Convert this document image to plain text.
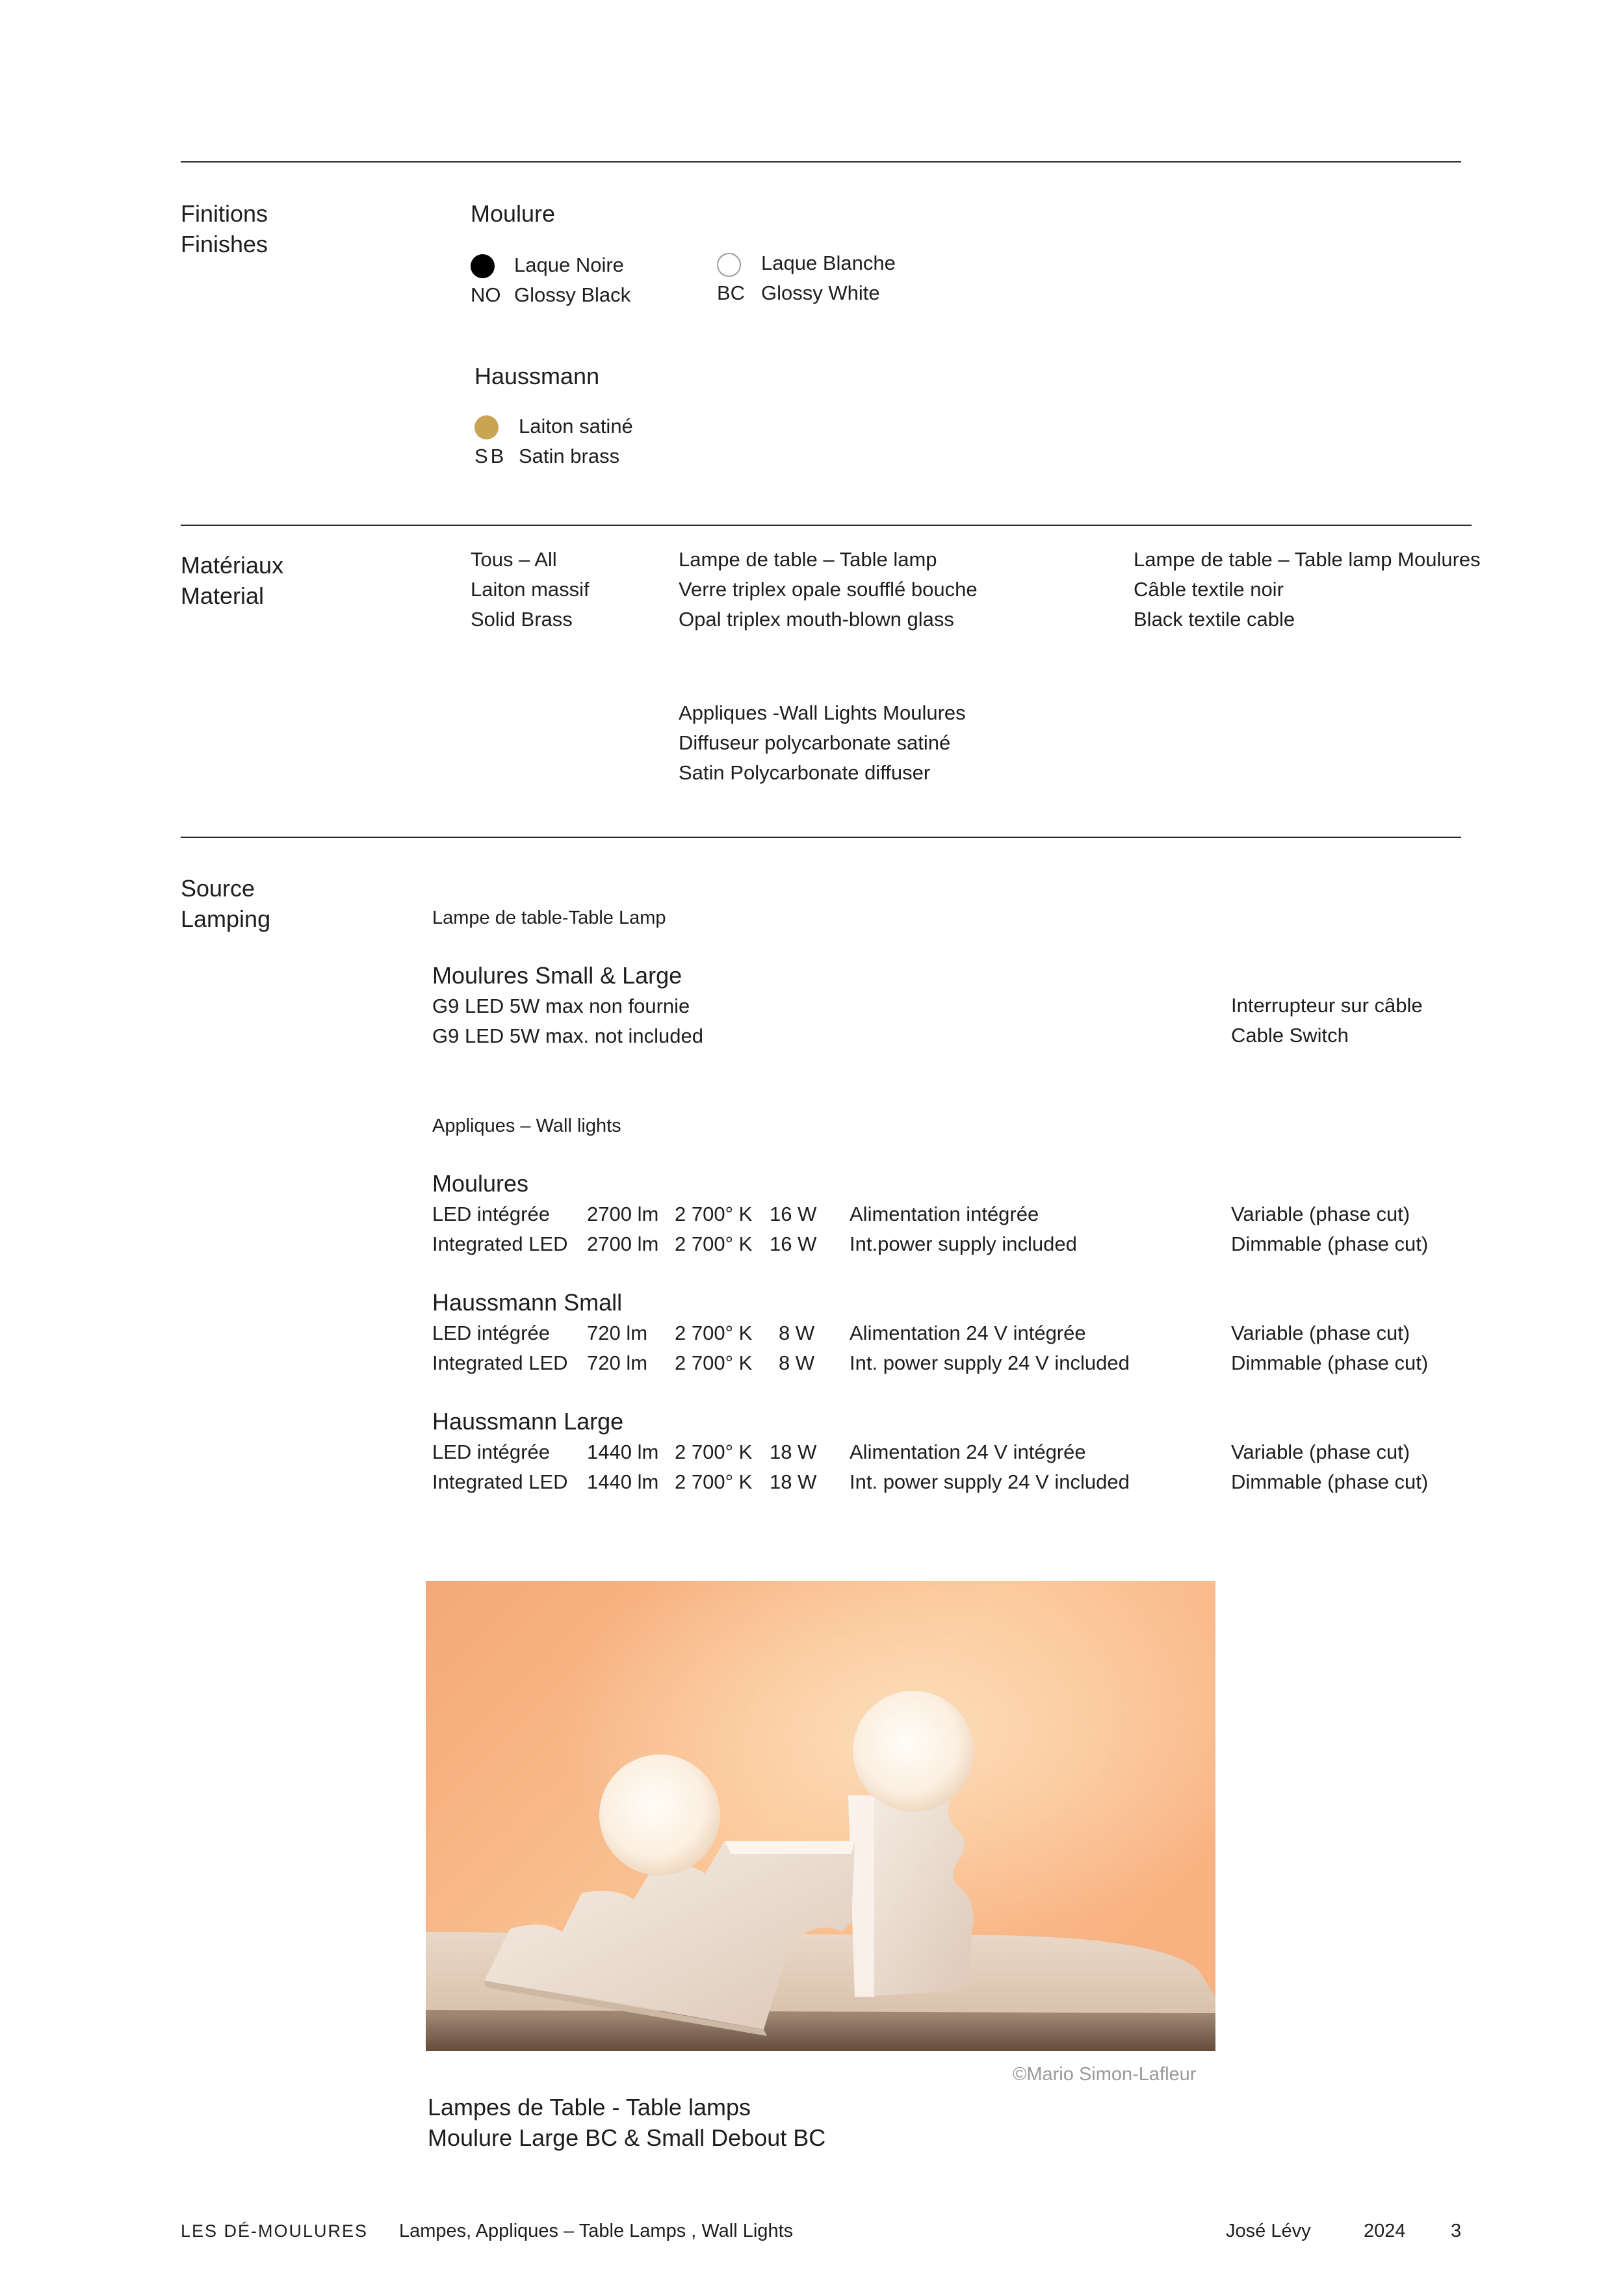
Finitions
Finishes
Moulure
Laque Noire
NO Glossy Black
Laque Blanche
BC Glossy White
Haussmann
Laiton satiné
SB Satin brass
Matériaux
Material
Tous – All
Laiton massif
Solid Brass
Lampe de table – Table lamp
Verre triplex opale soufflé bouche
Opal triplex mouth-blown glass
Lampe de table – Table lamp Moulures
Câble textile noir
Black textile cable
Appliques -Wall Lights Moulures
Diffuseur polycarbonate satiné
Satin Polycarbonate diffuser
Source
Lamping	Lampe de table-Table Lamp
Moulures Small & Large
G9 LED 5W max non fournie
G9 LED 5W max. not included
Interrupteur sur câble
Cable Switch
Appliques – Wall lights
Moulures
LED intégrée 2700 lm 2 700° K 16 W Alimentation intégrée	Variable (phase cut)
Integrated LED 2700 lm 2 700° K 16 W Int.power supply included	Dimmable (phase cut)
Haussmann Small
LED intégrée 720 lm 2 700° K 8 W Alimentation 24 V intégrée	Variable (phase cut)
Integrated LED 720 lm 2 700° K 8 W Int. power supply 24 V included	Dimmable (phase cut)
Haussmann Large
LED intégrée 1440 lm 2 700° K 18 W Alimentation 24 V intégrée	Variable (phase cut)
Integrated LED 1440 lm 2 700° K 18 W Int. power supply 24 V included	Dimmable (phase cut)
©Mario Simon-Lafleur
Lampes de Table - Table lamps
Moulure Large BC & Small Debout BC
LES DÉ-MOULURES Lampes, Appliques – Table Lamps , Wall Lights	José Lévy	2024 3
